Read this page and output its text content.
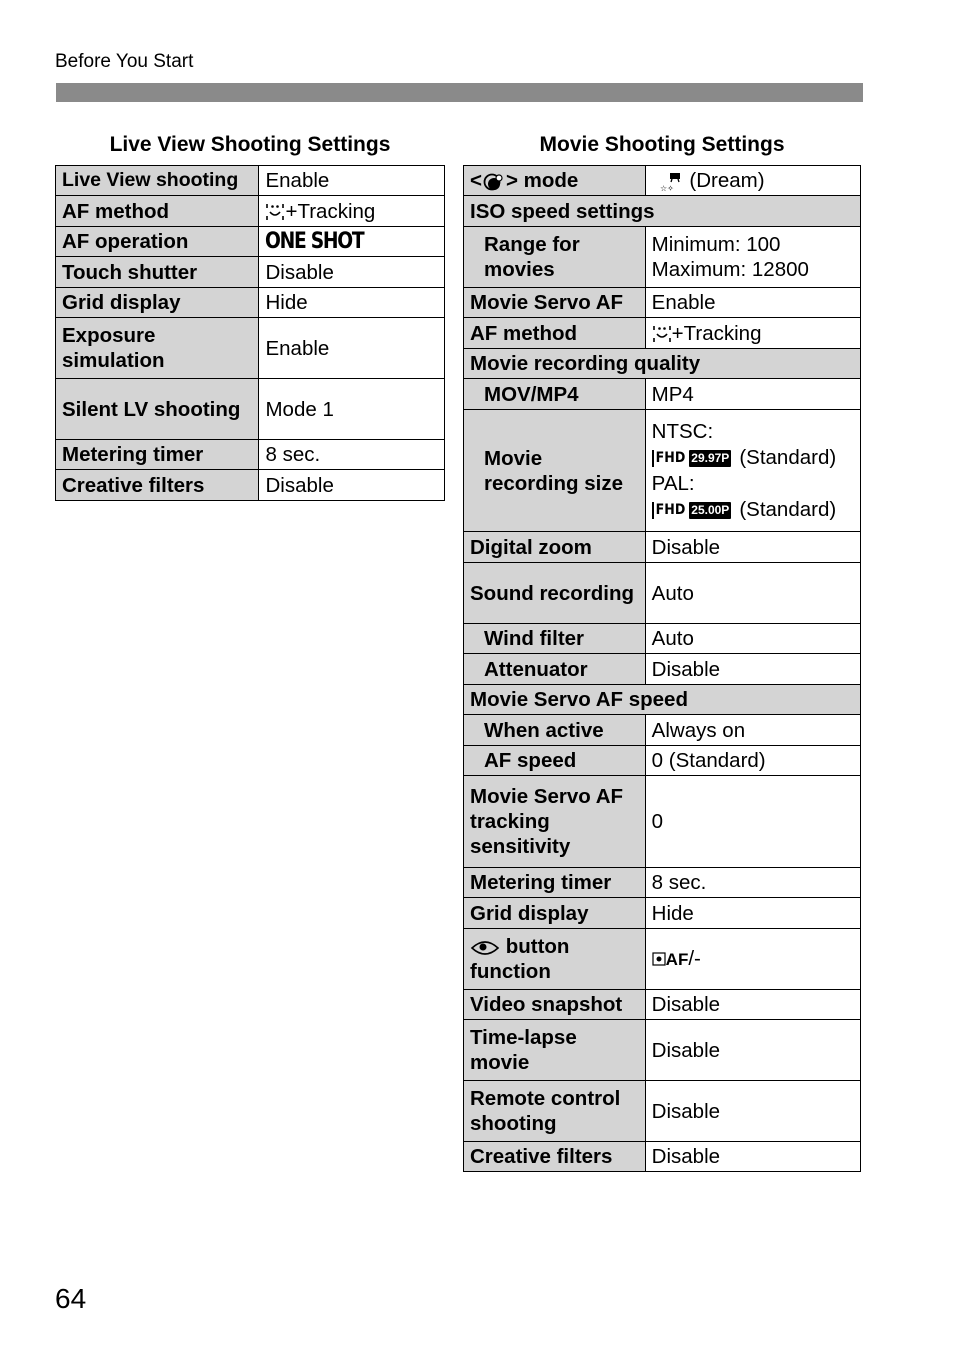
Before You Start
Live View Shooting Settings
Live View shooting	Enable
AF method	+Tracking
AF operation	ONE SHOT
Touch shutter	Disable
Grid display	Hide
Exposure simulation	Enable
Silent LV shooting	Mode 1
Metering timer	8 sec.
Creative filters	Disable
Movie Shooting Settings
< > mode	☆✧ (Dream)
ISO speed settings	
Range for movies	Minimum: 100
Maximum: 12800

Movie Servo AF	Enable
AF method	+Tracking
Movie recording quality	
MOV/MP4	MP4
Movie recording size	NTSC:
FHD 29.97P (Standard)
PAL:
FHD 25.00P (Standard)

Digital zoom	Disable
Sound recording	Auto
Wind filter	Auto
Attenuator	Disable
Movie Servo AF speed	
When active	Always on
AF speed	0 (Standard)
Movie Servo AF tracking sensitivity	0
Metering timer	8 sec.
Grid display	Hide
button function	AF/-
Video snapshot	Disable
Time-lapse movie	Disable
Remote control shooting	Disable
Creative filters	Disable
64
